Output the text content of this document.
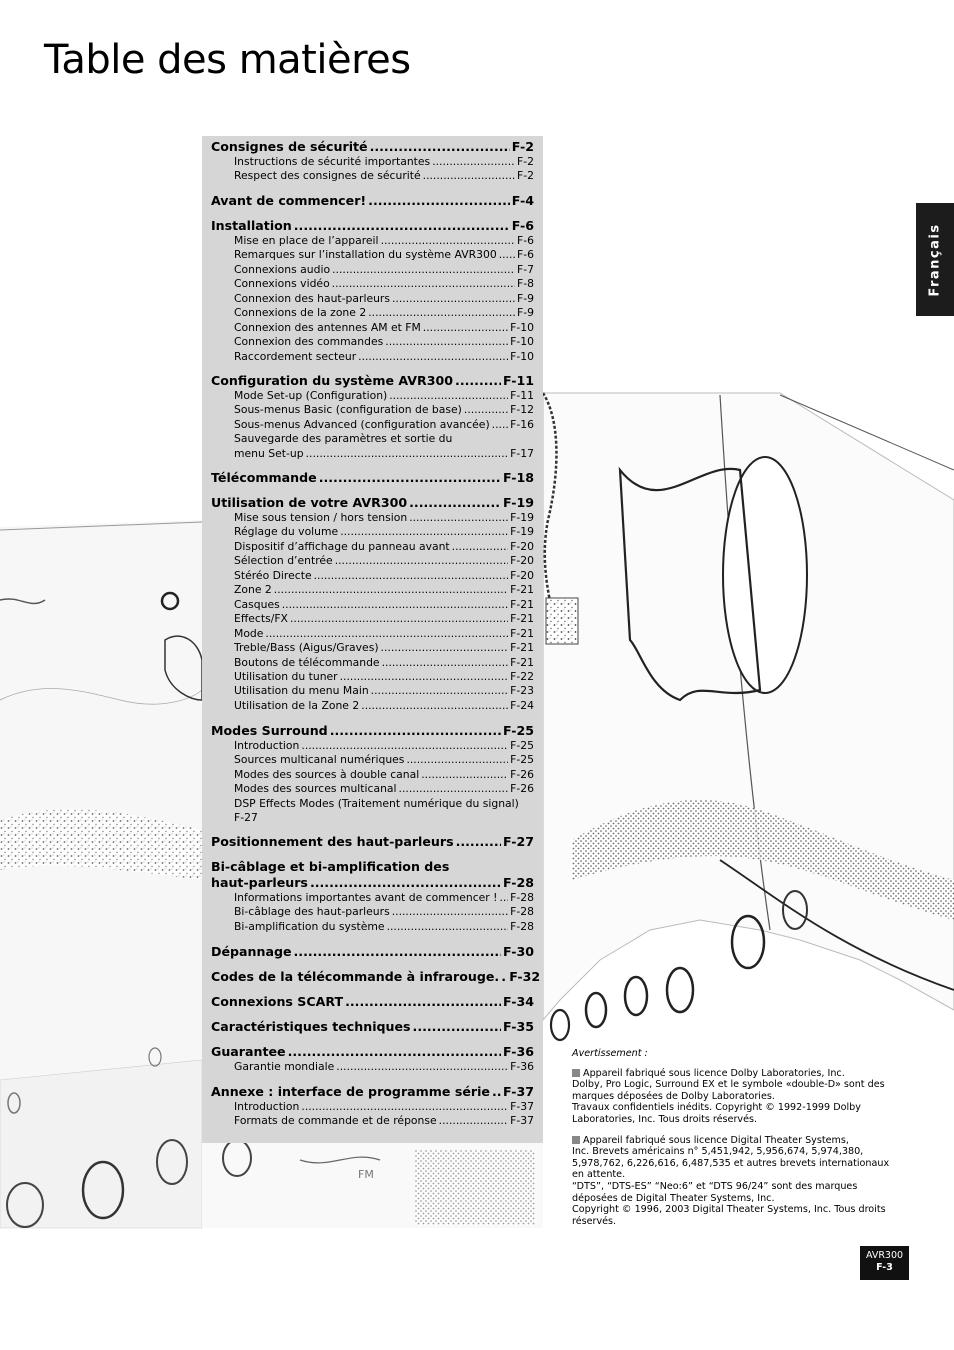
FM
Table des matières
Consignes de sécurité .....	F-2
Instructions de sécurité importantes .....	F-2
Respect des consignes de sécurité .....	F-2
Avant de commencer! .....	F-4
Installation .....	F-6
Mise en place de l’appareil .....	F-6
Remarques sur l’installation du système AVR300 ..... F-6
Connexions audio .....	F-7
Connexions vidéo .....	F-8
Connexion des haut-parleurs .....	F-9
Connexions de la zone 2 .....	F-9
Connexion des antennes AM et FM .....	F-10
Connexion des commandes .....	F-10
Raccordement secteur .....	F-10
Configuration du système AVR300 .....	F-11
Mode Set-up (Configuration) .....	F-11
Sous-menus Basic (configuration de base) .....	F-12
Sous-menus Advanced (configuration avancée) ..... F-16
Sauvegarde des paramètres et sortie du
menu Set-up .....	F-17
Télécommande .....	F-18
Utilisation de votre AVR300 .....	F-19
Mise sous tension / hors tension .....	F-19
Réglage du volume .....	F-19
Dispositif d’affichage du panneau avant .....	F-20
Sélection d’entrée .....	F-20
Stéréo Directe .....	F-20
Zone 2 .....	F-21
Casques .....	F-21
Effects/FX .....	F-21
Mode .....	F-21
Treble/Bass (Aigus/Graves) .....	F-21
Boutons de télécommande .....	F-21
Utilisation du tuner .....	F-22
Utilisation du menu Main .....	F-23
Utilisation de la Zone 2 .....	F-24
Modes Surround .....	F-25
Introduction .....	F-25
Sources multicanal numériques .....	F-25
Modes des sources à double canal .....	F-26
Modes des sources multicanal .....	F-26
DSP Effects Modes (Traitement numérique du signal)
F-27
Positionnement des haut-parleurs .....	F-27
Bi-câblage et bi-amplification des
haut-parleurs .....	F-28
Informations importantes avant de commencer ! ..... F-28
Bi-câblage des haut-parleurs .....	F-28
Bi-amplification du système .....	F-28
Dépannage .....	F-30
Codes de la télécommande à infrarouge. ..... F-32
Connexions SCART .....	F-34
Caractéristiques techniques .....	F-35
Guarantee .....	F-36
Garantie mondiale .....	F-36
Annexe : interface de programme série ..... F-37
Introduction .....	F-37
Formats de commande et de réponse .....	F-37
Français
Avertissement :
Appareil fabriqué sous licence Dolby Laboratories, Inc.
Dolby, Pro Logic, Surround EX et le symbole «double-D» sont des
marques déposées de Dolby Laboratories.
Travaux confidentiels inédits. Copyright © 1992-1999 Dolby
Laboratories, Inc. Tous droits réservés.
Appareil fabriqué sous licence Digital Theater Systems,
Inc. Brevets américains n° 5,451,942, 5,956,674, 5,974,380,
5,978,762, 6,226,616, 6,487,535 et autres brevets internationaux
en attente.
“DTS”, “DTS-ES” “Neo:6” et “DTS 96/24” sont des marques
déposées de Digital Theater Systems, Inc.
Copyright © 1996, 2003 Digital Theater Systems, Inc. Tous droits
réservés.
AVR300
F-3
